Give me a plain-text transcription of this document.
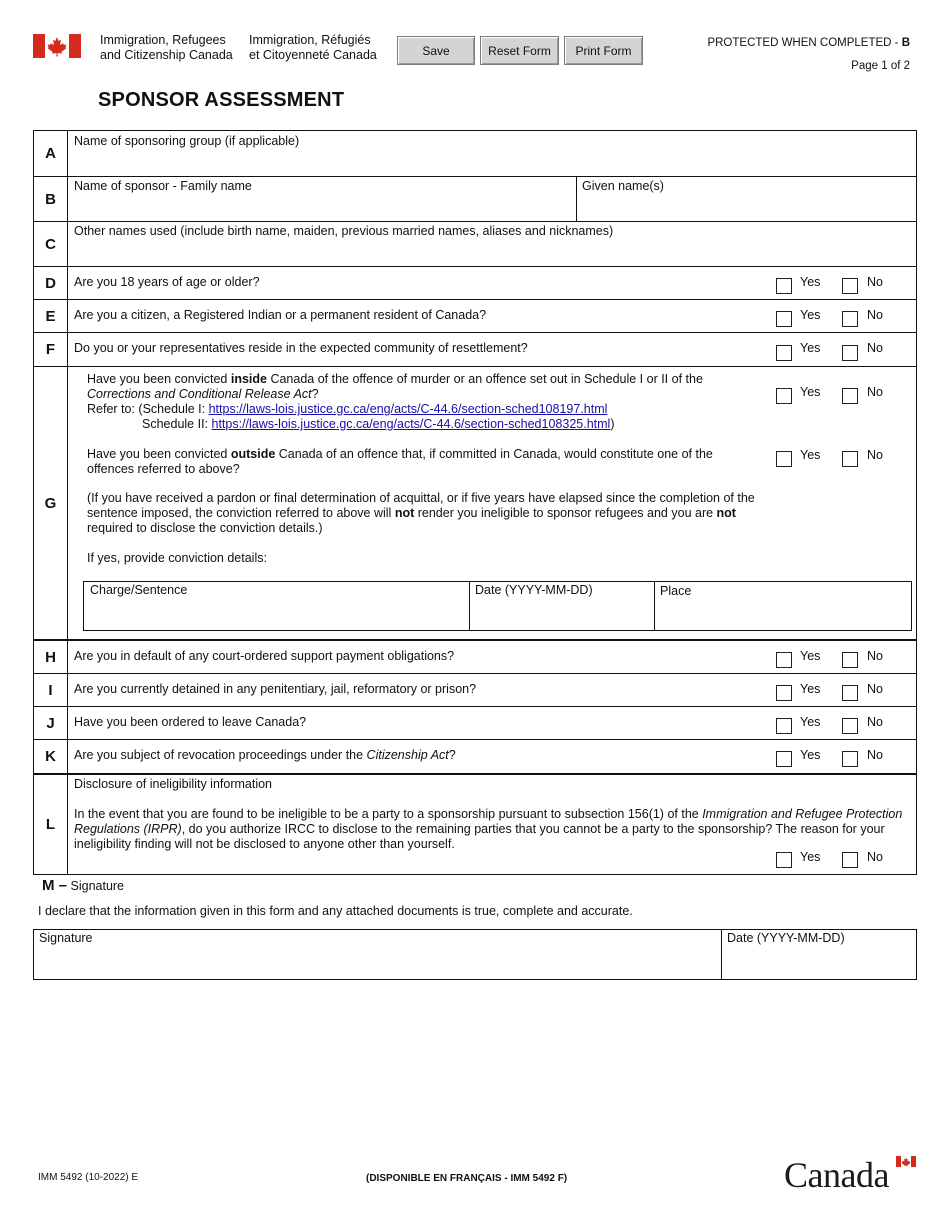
Immigration, Refugees
and Citizenship Canada
Immigration, Réfugiés
et Citoyenneté Canada	Save	Reset Form	Print Form
PROTECTED WHEN COMPLETED - B
Page 1 of 2
SPONSOR ASSESSMENT
A
Name of sponsoring group (if applicable)
B
Name of sponsor - Family name	Given name(s)
C
Other names used (include birth name, maiden, previous married names, aliases and nicknames)
D	Are you 18 years of age or older?	Yes	No
E	Are you a citizen, a Registered Indian or a permanent resident of Canada?	Yes	No
F	Do you or your representatives reside in the expected community of resettlement?	Yes	No
G
Have you been convicted inside Canada of the offence of murder or an offence set out in Schedule I or II of the
Corrections and Conditional Release Act?
Refer to: (Schedule I: https://laws-lois.justice.gc.ca/eng/acts/C-44.6/section-sched108197.html
Schedule II: https://laws-lois.justice.gc.ca/eng/acts/C-44.6/section-sched108325.html)
Yes	No
Have you been convicted outside Canada of an offence that, if committed in Canada, would constitute one of the offences referred to above?
Yes	No
(If you have received a pardon or final determination of acquittal, or if five years have elapsed since the completion of the sentence imposed, the conviction referred to above will not render you ineligible to sponsor refugees and you are not required to disclose the conviction details.)
If yes, provide conviction details:
Charge/Sentence	Date (YYYY-MM-DD)	Place
H	Are you in default of any court-ordered support payment obligations?	Yes	No
I	Are you currently detained in any penitentiary, jail, reformatory or prison?	Yes	No
J	Have you been ordered to leave Canada?	Yes	No
K	Are you subject of revocation proceedings under the Citizenship Act?	Yes	No
L
Disclosure of ineligibility information
In the event that you are found to be ineligible to be a party to a sponsorship pursuant to subsection 156(1) of the Immigration and Refugee Protection Regulations (IRPR), do you authorize IRCC to disclose to the remaining parties that you cannot be a party to the sponsorship? The reason for your ineligibility finding will not be disclosed to anyone other than yourself.
Yes	No
M – Signature
I declare that the information given in this form and any attached documents is true, complete and accurate.
Signature	Date (YYYY-MM-DD)
IMM 5492 (10-2022) E	(DISPONIBLE EN FRANÇAIS - IMM 5492 F)	Canada
